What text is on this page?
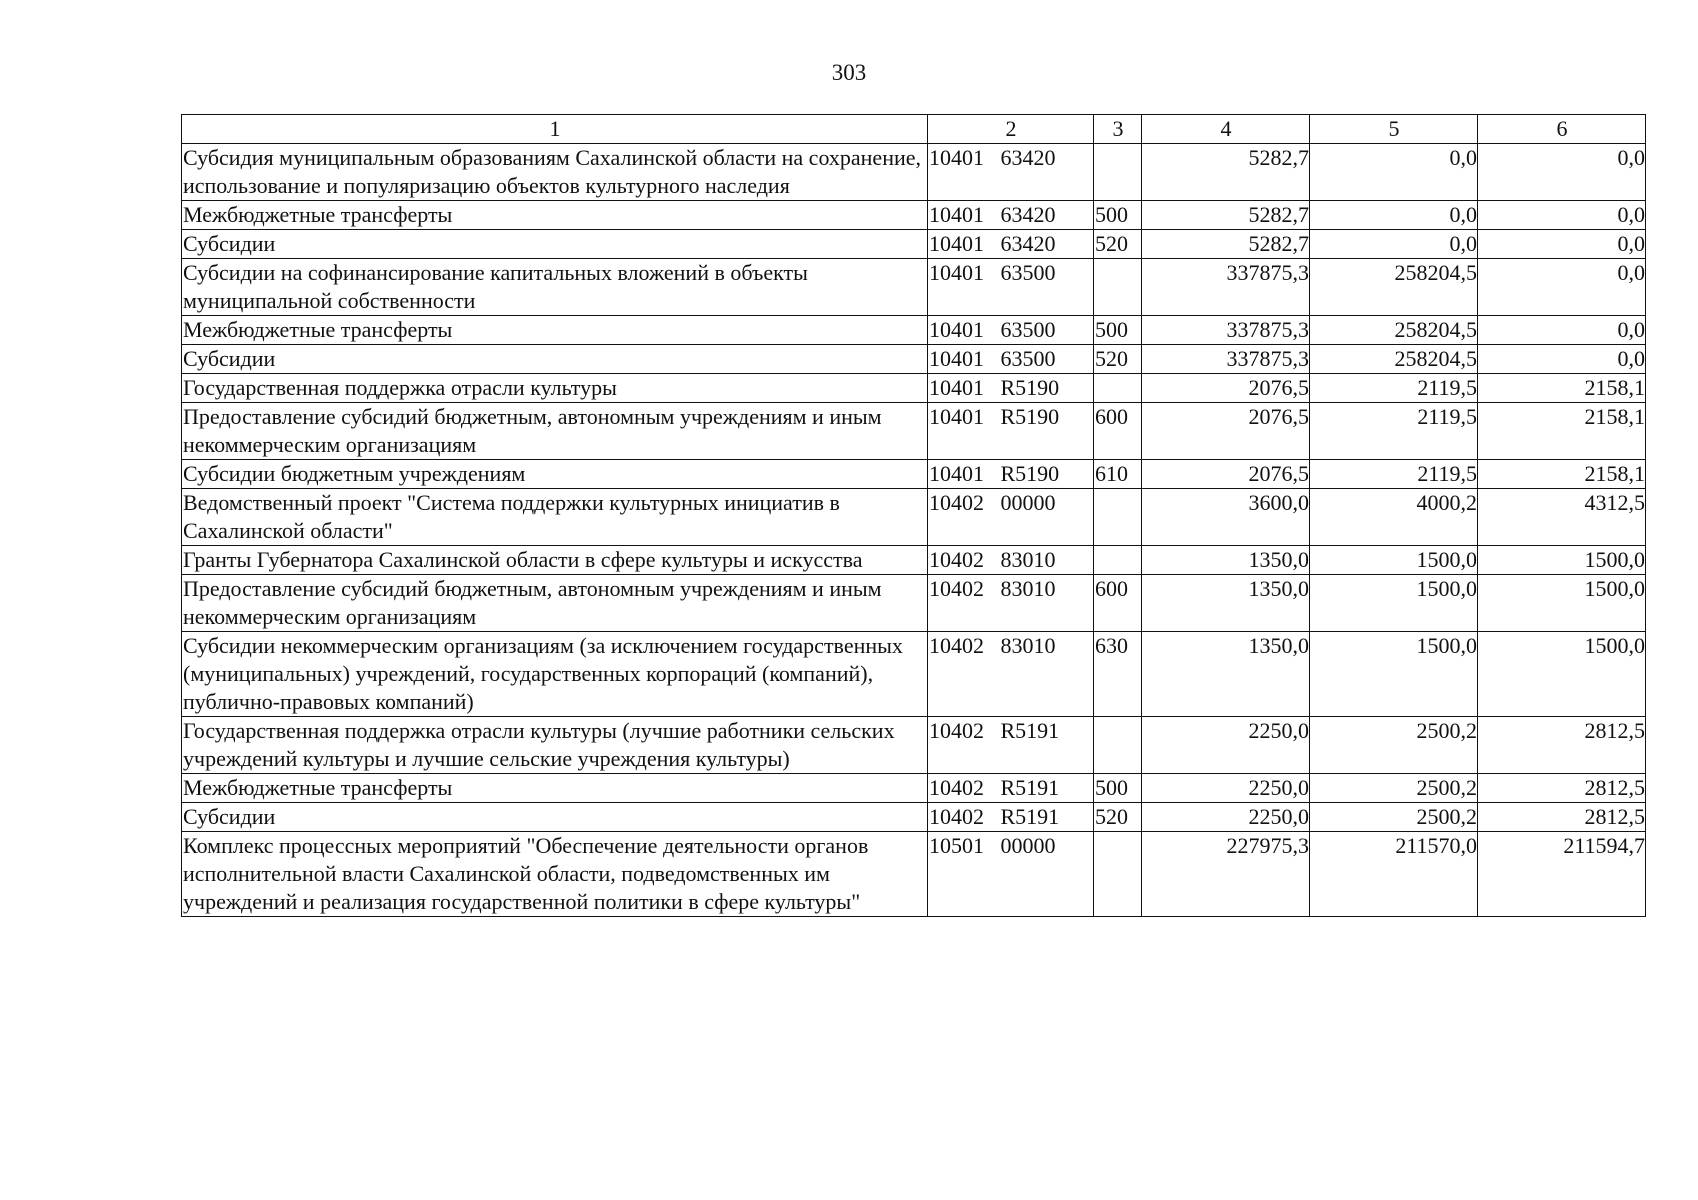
303
1	2	3	4	5	6
Субсидия муниципальным образованиям Сахалинской области на сохранение, использование и популяризацию объектов культурного наследия	10401   63420		5282,7	0,0	0,0
Межбюджетные трансферты	10401   63420	500	5282,7	0,0	0,0
Субсидии	10401   63420	520	5282,7	0,0	0,0
Субсидии на софинансирование капитальных вложений в объекты муниципальной собственности	10401   63500		337875,3	258204,5	0,0
Межбюджетные трансферты	10401   63500	500	337875,3	258204,5	0,0
Субсидии	10401   63500	520	337875,3	258204,5	0,0
Государственная поддержка отрасли культуры	10401   R5190		2076,5	2119,5	2158,1
Предоставление субсидий бюджетным, автономным учреждениям и иным некоммерческим организациям	10401   R5190	600	2076,5	2119,5	2158,1
Субсидии бюджетным учреждениям	10401   R5190	610	2076,5	2119,5	2158,1
Ведомственный проект "Система поддержки культурных инициатив в Сахалинской области"	10402   00000		3600,0	4000,2	4312,5
Гранты Губернатора Сахалинской области в сфере культуры и искусства	10402   83010		1350,0	1500,0	1500,0
Предоставление субсидий бюджетным, автономным учреждениям и иным некоммерческим организациям	10402   83010	600	1350,0	1500,0	1500,0
Субсидии некоммерческим организациям (за исключением государственных (муниципальных) учреждений, государственных корпораций (компаний), публично-правовых компаний)	10402   83010	630	1350,0	1500,0	1500,0
Государственная поддержка отрасли культуры (лучшие работники сельских учреждений культуры и лучшие сельские учреждения культуры)	10402   R5191		2250,0	2500,2	2812,5
Межбюджетные трансферты	10402   R5191	500	2250,0	2500,2	2812,5
Субсидии	10402   R5191	520	2250,0	2500,2	2812,5
Комплекс процессных мероприятий "Обеспечение деятельности органов исполнительной власти Сахалинской области, подведомственных им учреждений и реализация государственной политики в сфере культуры"	10501   00000		227975,3	211570,0	211594,7
